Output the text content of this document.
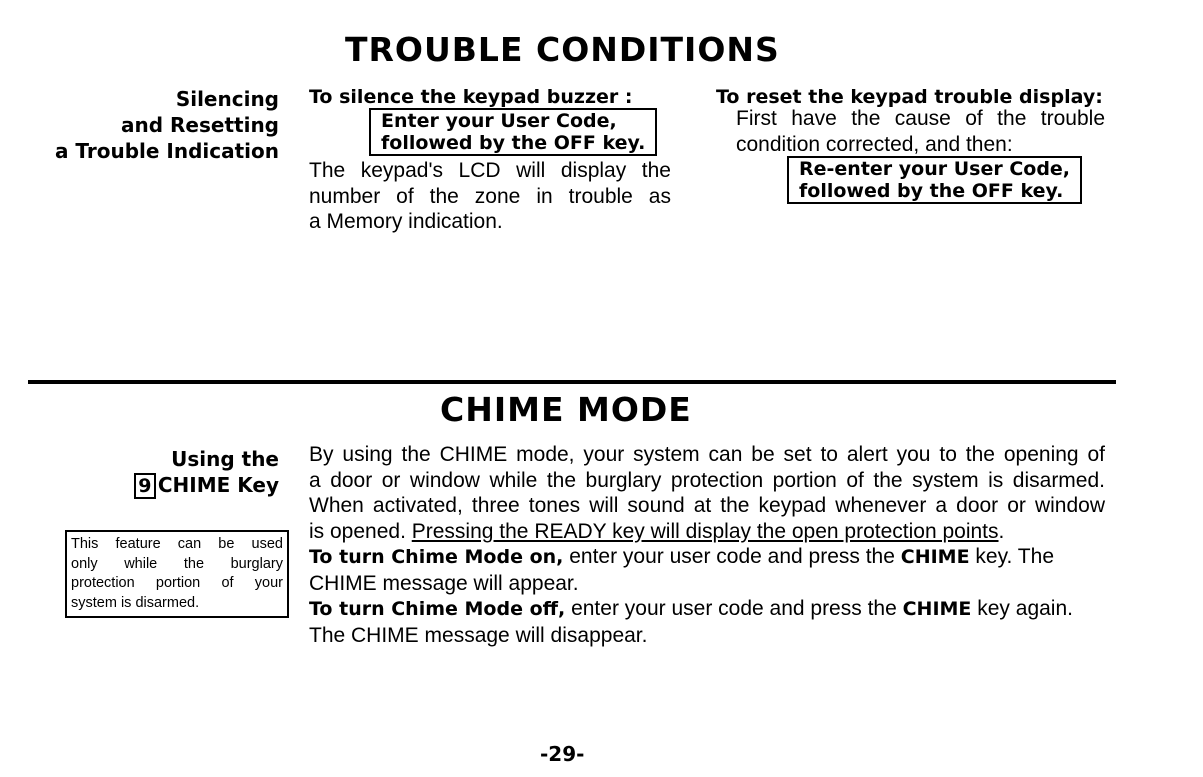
TROUBLE CONDITIONS
Silencing
and Resetting
a Trouble Indication
To silence the keypad buzzer :
Enter your User Code,
followed by the OFF key.
The keypad's LCD will display the
number of the zone in trouble as
a Memory indication.
To reset the keypad trouble display:
First have the cause of the trouble
condition corrected, and then:
Re-enter your User Code,
followed by the OFF key.
CHIME MODE
Using the
9 CHIME Key
This feature can be used
only while the burglary
protection portion of your
system is disarmed.
By using the CHIME mode, your system can be set to alert you to the opening of
a door or window while the burglary protection portion of the system is disarmed.
When activated, three tones will sound at the keypad whenever a door or window
is opened. Pressing the READY key will display the open protection points.
To turn Chime Mode on, enter your user code and press the CHIME key. The
CHIME message will appear.
To turn Chime Mode off, enter your user code and press the CHIME key again.
The CHIME message will disappear.
-29-
